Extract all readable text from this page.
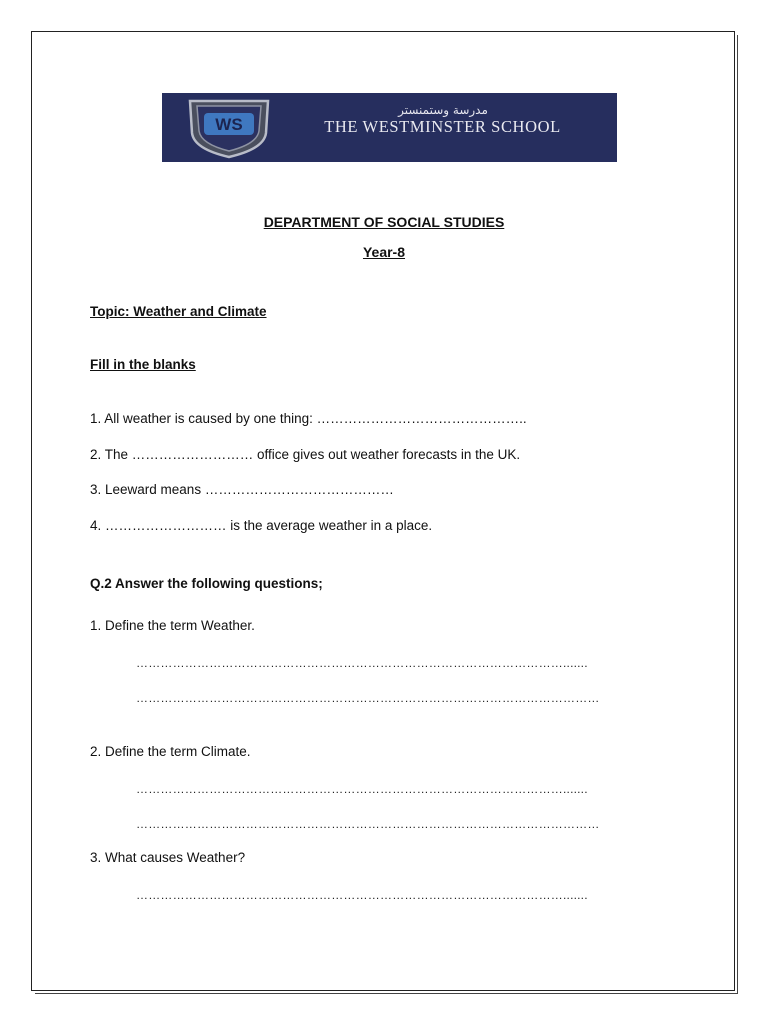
WS
مدرسة وستمنستر
THE WESTMINSTER SCHOOL
DEPARTMENT OF SOCIAL STUDIES
Year-8
Topic: Weather and Climate
Fill in the blanks
1. All weather is caused by one thing: ………………………………………..
2. The ……………………… office gives out weather forecasts in the UK.
3. Leeward means ……………………………………
4. ……………………… is the average weather in a place.
Q.2 Answer the following questions;
1. Define the term Weather.
…………………………………………………………………………………………….......
……………………………………………………………………………………………………
2. Define the term Climate.
…………………………………………………………………………………………….......
……………………………………………………………………………………………………
3. What causes Weather?
…………………………………………………………………………………………….......
